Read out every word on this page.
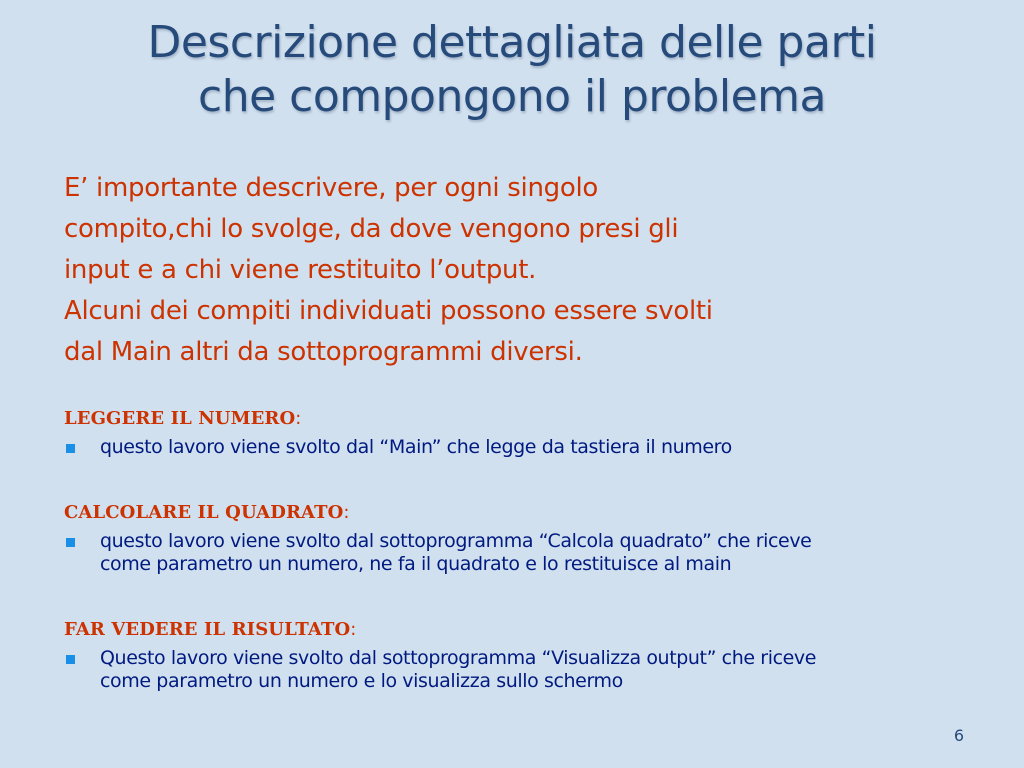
Descrizione dettagliata delle parti
che compongono il problema
E’ importante descrivere, per ogni singolo
compito,chi lo svolge, da dove vengono presi gli
input e a chi viene restituito l’output.
Alcuni dei compiti individuati possono essere svolti
dal Main altri da sottoprogrammi diversi.
LEGGERE IL NUMERO:
questo lavoro viene svolto dal “Main” che legge da tastiera il numero
CALCOLARE IL QUADRATO:
questo lavoro viene svolto dal sottoprogramma “Calcola quadrato” che riceve
come parametro un numero, ne fa il quadrato e lo restituisce al main
FAR VEDERE IL RISULTATO:
Questo lavoro viene svolto dal sottoprogramma “Visualizza output” che riceve
come parametro un numero e lo visualizza sullo schermo
6
